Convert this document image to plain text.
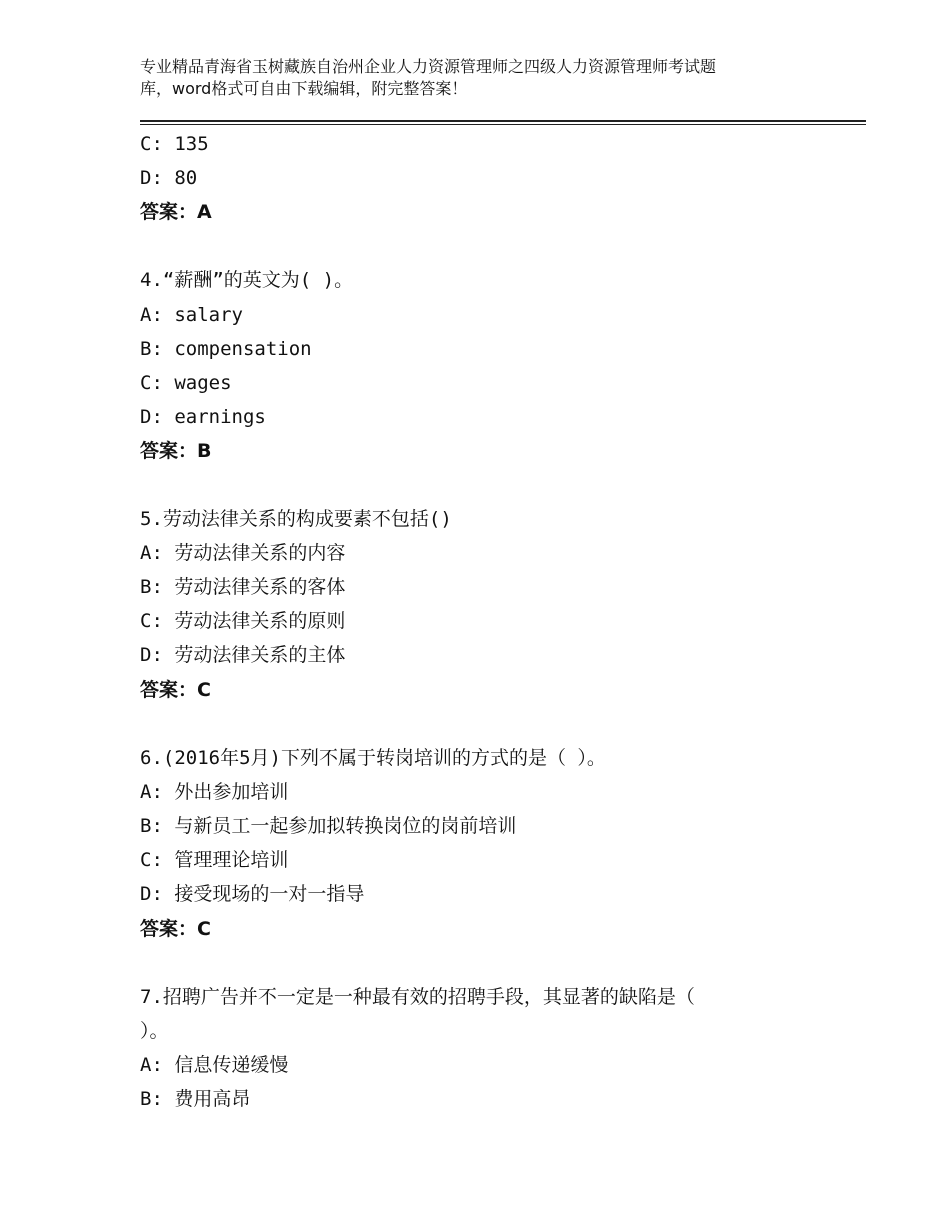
专业精品青海省玉树藏族自治州企业人力资源管理师之四级人力资源管理师考试题
库，word格式可自由下载编辑，附完整答案！
C: 135
D: 80
答案：A
4.“薪酬”的英文为( )。
A: salary
B: compensation
C: wages
D: earnings
答案：B
5.劳动法律关系的构成要素不包括()
A: 劳动法律关系的内容
B: 劳动法律关系的客体
C: 劳动法律关系的原则
D: 劳动法律关系的主体
答案：C
6.(2016年5月)下列不属于转岗培训的方式的是（ ）。
A: 外出参加培训
B: 与新员工一起参加拟转换岗位的岗前培训
C: 管理理论培训
D: 接受现场的一对一指导
答案：C
7.招聘广告并不一定是一种最有效的招聘手段，其显著的缺陷是（
）。
A: 信息传递缓慢
B: 费用高昂
